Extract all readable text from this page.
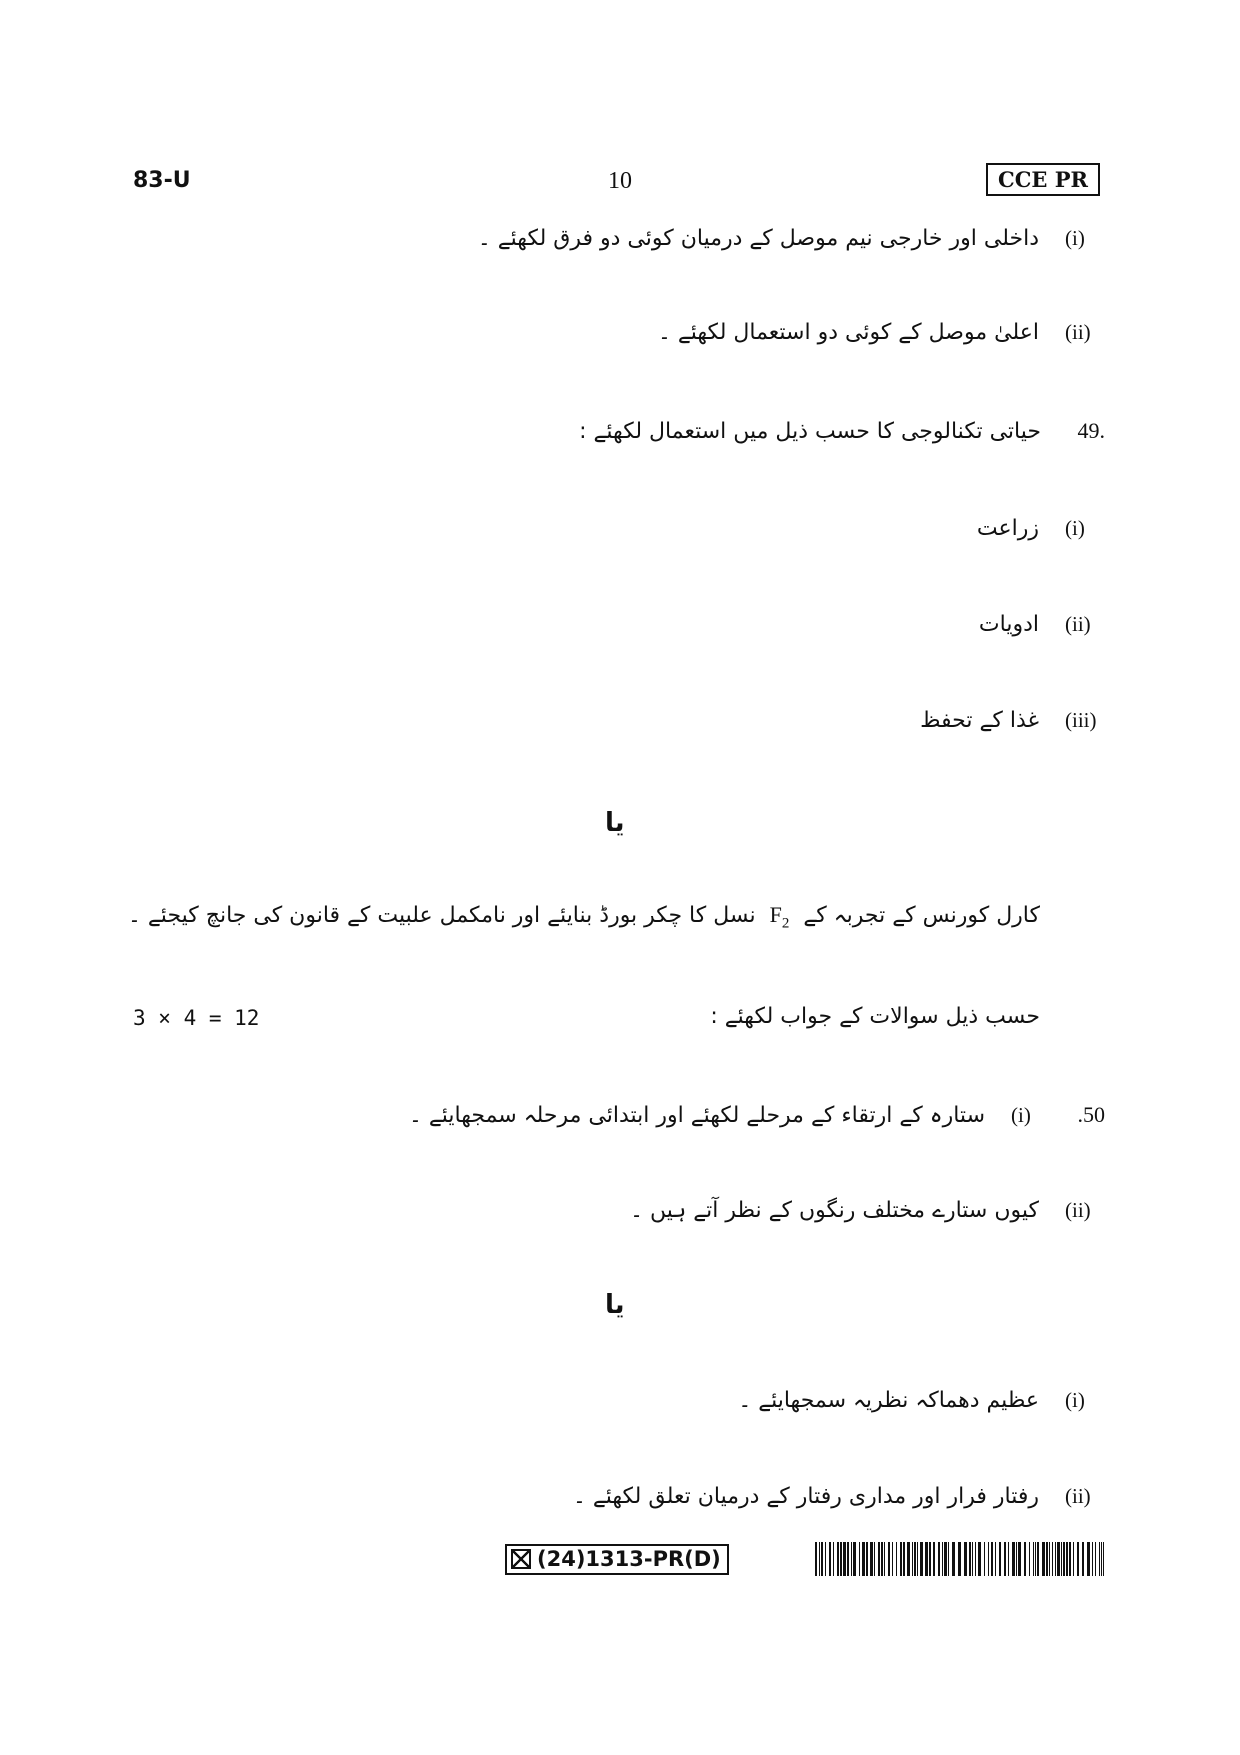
83-U	10	CCE PR
(i)
داخلی اور خارجی نیم موصل کے درمیان کوئی دو فرق لکھئے ۔
(ii)
اعلیٰ موصل کے کوئی دو استعمال لکھئے ۔
49.
حیاتی تکنالوجی کا حسب ذیل میں استعمال لکھئے :
(i)
زراعت
(ii)
ادویات
(iii)
غذا کے تحفظ
یا
کارل کورنس کے تجربہ کے
$F_2$
نسل کا چکر بورڈ بنایئے اور نامکمل علبیت کے قانون کی جانچ کیجئے ۔
حسب ذیل سوالات کے جواب لکھئے :
3 × 4 = 12
.50
(i)
ستارہ کے ارتقاء کے مرحلے لکھئے اور ابتدائی مرحلہ سمجھایئے ۔
(ii)
کیوں ستارے مختلف رنگوں کے نظر آتے ہیں ۔
یا
(i)
عظیم دھماکہ نظریہ سمجھایئے ۔
(ii)
رفتار فرار اور مداری رفتار کے درمیان تعلق لکھئے ۔
(24)1313-PR(D)
